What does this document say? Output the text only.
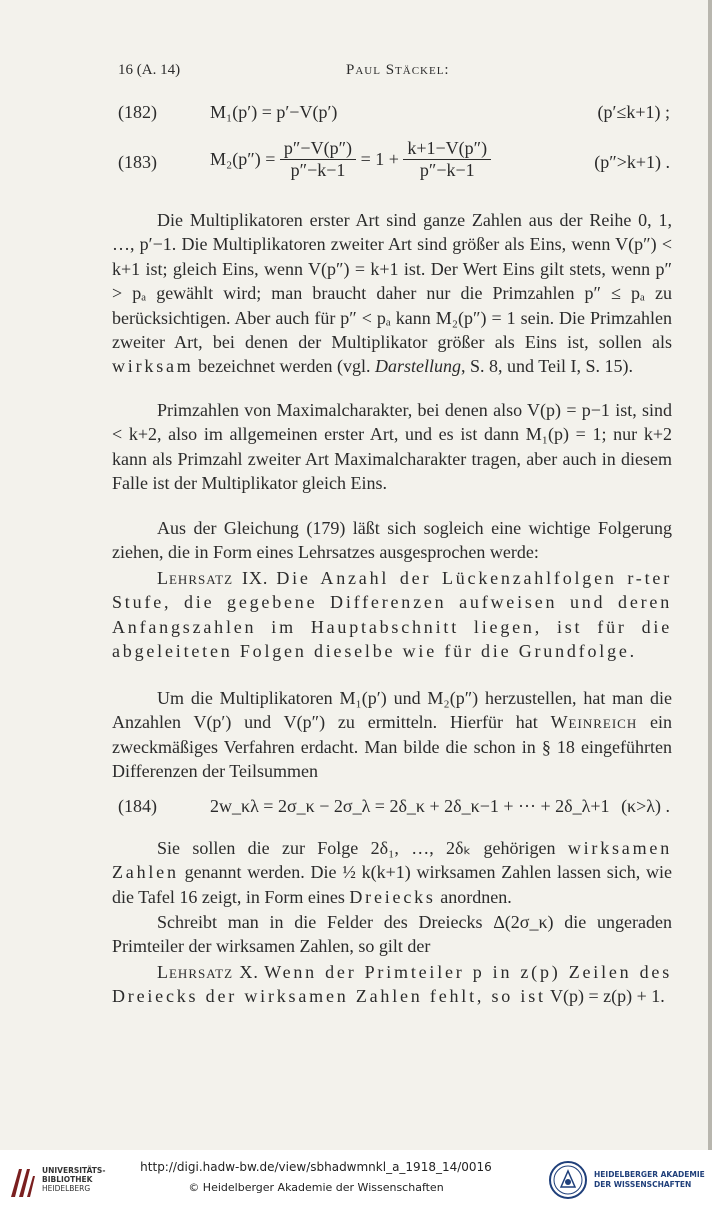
16 (A. 14)	Paul Stäckel:
(182)	M₁(p′) = p′−V(p′)	(p′≤k+1) ;
(183)	$M_2(p'') = \frac{p''-V(p'')}{p''-k-1} = 1 + \frac{k+1-V(p'')}{p''-k-1}$	(p″>k+1) .

Die Multiplikatoren erster Art sind ganze Zahlen aus der Reihe 0, 1, …, p′−1. Die Multiplikatoren zweiter Art sind größer als Eins, wenn V(p″) < k+1 ist; gleich Eins, wenn V(p″) = k+1 ist. Der Wert Eins gilt stets, wenn p″ > pₐ gewählt wird; man braucht daher nur die Primzahlen p″ ≤ pₐ zu berücksichtigen. Aber auch für p″ < pₐ kann M₂(p″) = 1 sein. Die Primzahlen zweiter Art, bei denen der Multiplikator größer als Eins ist, sollen als wirksam bezeichnet werden (vgl. Darstellung, S. 8, und Teil I, S. 15).

Primzahlen von Maximalcharakter, bei denen also V(p) = p−1 ist, sind < k+2, also im allgemeinen erster Art, und es ist dann M₁(p) = 1; nur k+2 kann als Primzahl zweiter Art Maximalcharakter tragen, aber auch in diesem Falle ist der Multiplikator gleich Eins.

Aus der Gleichung (179) läßt sich sogleich eine wichtige Folgerung ziehen, die in Form eines Lehrsatzes ausgesprochen werde:

Lehrsatz IX. Die Anzahl der Lückenzahlfolgen r-ter Stufe, die gegebene Differenzen aufweisen und deren Anfangszahlen im Hauptabschnitt liegen, ist für die abgeleiteten Folgen dieselbe wie für die Grundfolge.

Um die Multiplikatoren M₁(p′) und M₂(p″) herzustellen, hat man die Anzahlen V(p′) und V(p″) zu ermitteln. Hierfür hat Weinreich ein zweckmäßiges Verfahren erdacht. Man bilde die schon in § 18 eingeführten Differenzen der Teilsummen

(184)	2w_κλ = 2σ_κ − 2σ_λ = 2δ_κ + 2δ_κ−1 + ··· + 2δ_λ+1 (κ>λ) .

Sie sollen die zur Folge 2δ₁, …, 2δₖ gehörigen wirksamen Zahlen genannt werden. Die ½ k(k+1) wirksamen Zahlen lassen sich, wie die Tafel 16 zeigt, in Form eines Dreiecks anordnen.

Schreibt man in die Felder des Dreiecks Δ(2σ_κ) die ungeraden Primteiler der wirksamen Zahlen, so gilt der

Lehrsatz X. Wenn der Primteiler p in z(p) Zeilen des Dreiecks der wirksamen Zahlen fehlt, so ist V(p) = z(p) + 1.

UNIVERSITÄTS-
BIBLIOTHEK
HEIDELBERG
http://digi.hadw-bw.de/view/sbhadwmnkl_a_1918_14/0016
© Heidelberger Akademie der Wissenschaften
HEIDELBERGER AKADEMIE
DER WISSENSCHAFTEN
